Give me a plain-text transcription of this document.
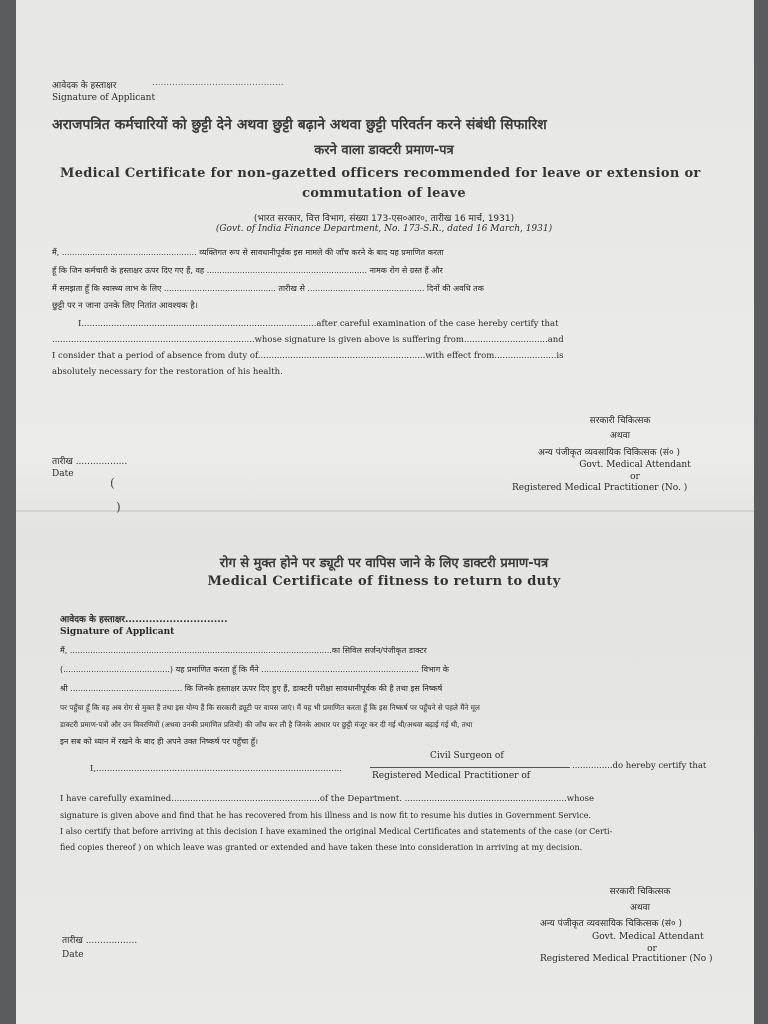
आवेदक के हस्ताक्षर	..............................................
Signature of Applicant
अराजपत्रित कर्मचारियों को छुट्टी देने अथवा छुट्टी बढ़ाने अथवा छुट्टी परिवर्तन करने संबंधी सिफारिश
करने वाला डाक्टरी प्रमाण-पत्र
Medical Certificate for non-gazetted officers recommended for leave or extension or
commutation of leave
(भारत सरकार, वित्त विभाग, संख्या 173-एस०आर०, तारीख 16 मार्च, 1931)
(Govt. of India Finance Department, No. 173-S.R., dated 16 March, 1931)
मैं, ..................................................... व्यक्तिगत रूप से सावधानीपूर्वक इस मामले की जाँच करने के बाद यह प्रमाणित करता
हूँ कि जिन कर्मचारी के हस्ताक्षर ऊपर दिए गए हैं, वह ............................................................... नामक रोग से ग्रस्त हैं और
मैं समझता हूँ कि स्वास्थ्य लाभ के लिए ............................................ तारीख से .............................................. दिनों की अवधि तक
छुट्टी पर न जाना उनके लिए नितांत आवश्यक है।
I.......................................................................................after careful examination of the case hereby certify that
...........................................................................whose signature is given above is suffering from...............................and
I consider that a period of absence from duty of..............................................................with effect from.......................is
absolutely necessary for the restoration of his health.
सरकारी चिकित्सक
अथवा
अन्य पंजीकृत व्यवसायिक चिकित्सक (सं० )
Govt. Medical Attendant
or
Registered Medical Practitioner (No. )
तारीख ..................
Date
(
)
रोग से मुक्त होने पर ड्यूटी पर वापिस जाने के लिए डाक्टरी प्रमाण-पत्र
Medical Certificate of fitness to return to duty
आवेदक के हस्ताक्षर..............................
Signature of Applicant
मैं, .......................................................................................................का सिविल सर्जन/पंजीकृत डाक्टर
(..........................................) यह प्रमाणित करता हूँ कि मैंने .............................................................. विभाग के
श्री ............................................ कि जिनके हस्ताक्षर ऊपर दिए हुए हैं, डाक्टरी परीक्षा सावधानीपूर्वक की है तथा इस निष्कर्ष
पर पहुँचा हूँ कि वह अब रोग से मुक्त हैं तथा इस योग्य हैं कि सरकारी ड्यूटी पर वापस जाएं। मैं यह भी प्रमाणित करता हूँ कि इस निष्कर्ष पर पहुँचने से पहले मैंने मूल
डाक्टरी प्रमाण-पत्रों और उन विवरणियों (अथवा उनकी प्रमाणित प्रतियों) की जाँच कर ली है जिनके आधार पर छुट्टी मंजूर कर दी गई थी/अथवा बढ़ाई गई थी, तथा
इन सब को ध्यान में रखने के बाद ही अपने उक्त निष्कर्ष पर पहुँचा हूँ।
Civil Surgeon of
Registered Medical Practitioner of
I,...........................................................................................	...............do hereby certify that
I have carefully examined.......................................................of the Department. ............................................................whose
signature is given above and find that he has recovered from his illness and is now fit to resume his duties in Government Service.
I also certify that before arriving at this decision I have examined the original Medical Certificates and statements of the case (or Certi-
fied copies thereof ) on which leave was granted or extended and have taken these into consideration in arriving at my decision.
सरकारी चिकित्सक
अथवा
अन्य पंजीकृत व्यवसायिक चिकित्सक (सं० )
Govt. Medical Attendant
or
Registered Medical Practitioner (No )
तारीख ..................
Date
